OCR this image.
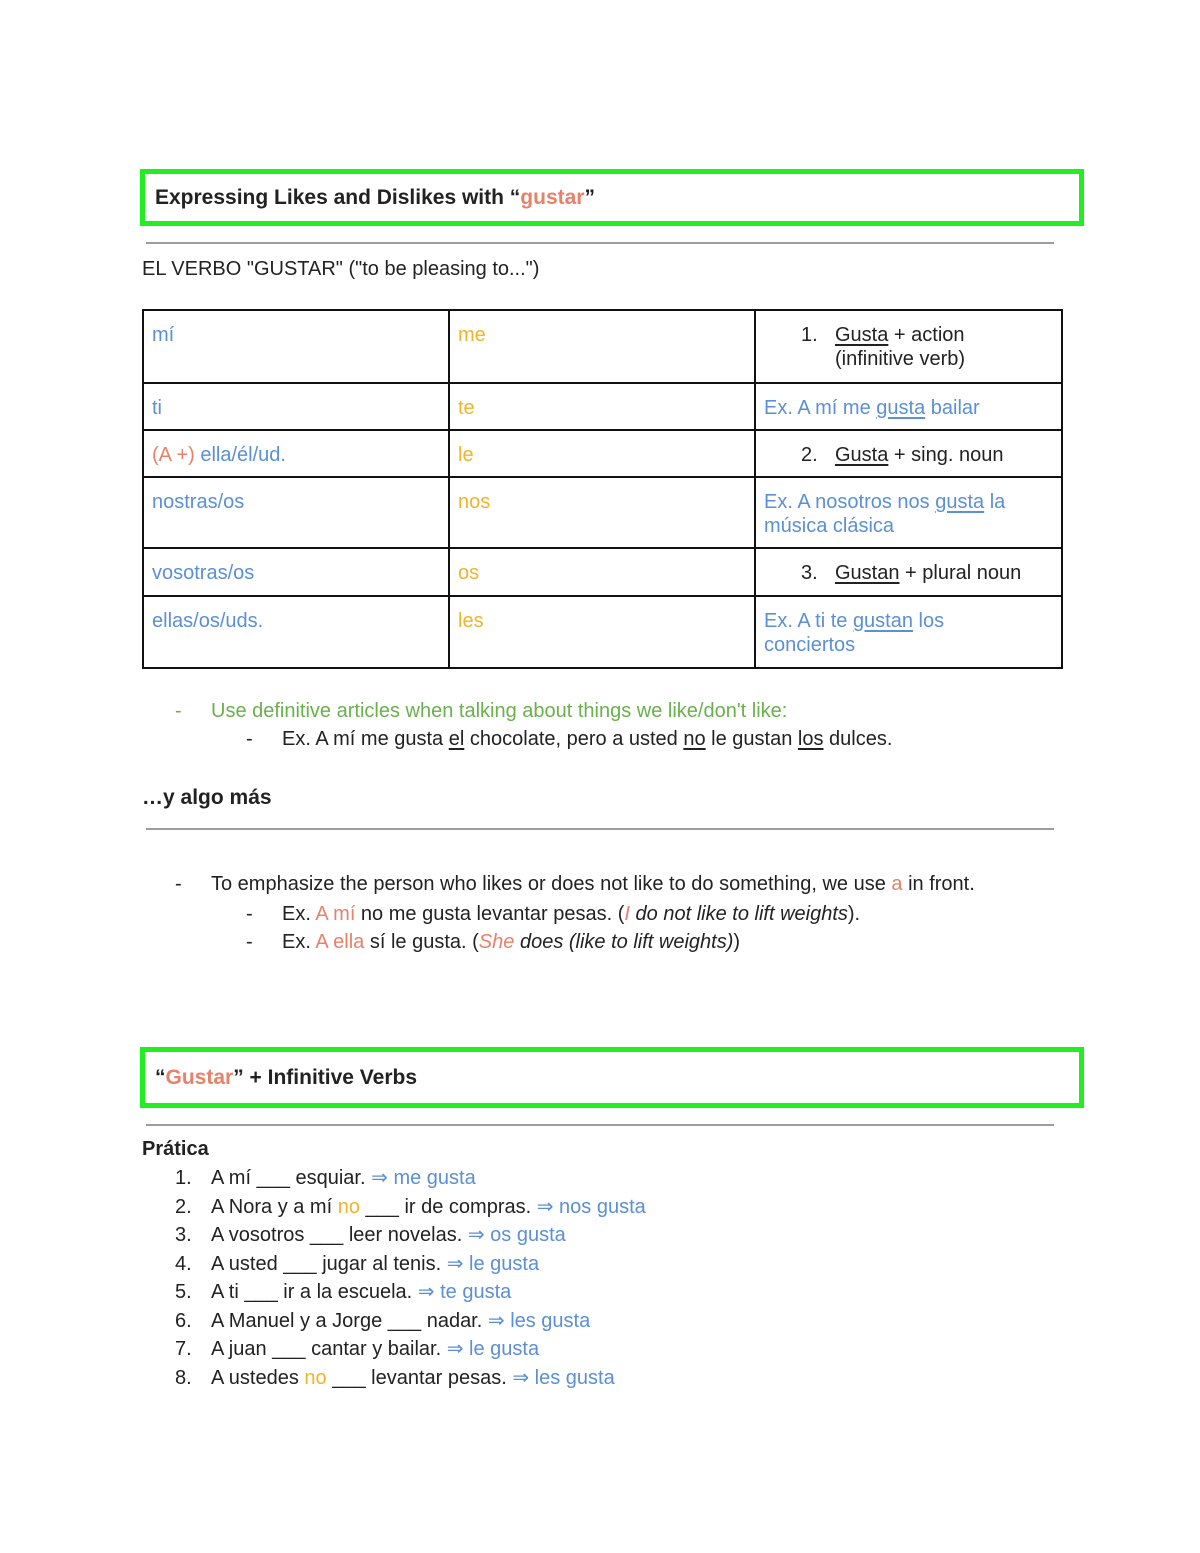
Expressing Likes and Dislikes with “gustar”
EL VERBO "GUSTAR" ("to be pleasing to...")
mí	me	1. Gusta + action
(infinitive verb)

ti	te	Ex. A mí me gusta bailar
(A +) ella/él/ud.	le	2. Gusta + sing. noun

nostras/os	nos	Ex. A nosotros nos gusta la
música clásica
vosotras/os	os	3. Gustan + plural noun

ellas/os/uds.	les	Ex. A ti te gustan los
conciertos
- Use definitive articles when talking about things we like/don't like:
- Ex. A mí me gusta el chocolate, pero a usted no le gustan los dulces.
…y algo más
- To emphasize the person who likes or does not like to do something, we use a in front.
- Ex. A mí no me gusta levantar pesas. (I do not like to lift weights).
- Ex. A ella sí le gusta. (She does (like to lift weights))
“Gustar” + Infinitive Verbs
Prática
1. A mí ___ esquiar. ⇒ me gusta
2. A Nora y a mí no ___ ir de compras. ⇒ nos gusta
3. A vosotros ___ leer novelas. ⇒ os gusta
4. A usted ___ jugar al tenis. ⇒ le gusta
5. A ti ___ ir a la escuela. ⇒ te gusta
6. A Manuel y a Jorge ___ nadar. ⇒ les gusta
7. A juan ___ cantar y bailar. ⇒ le gusta
8. A ustedes no ___ levantar pesas. ⇒ les gusta
